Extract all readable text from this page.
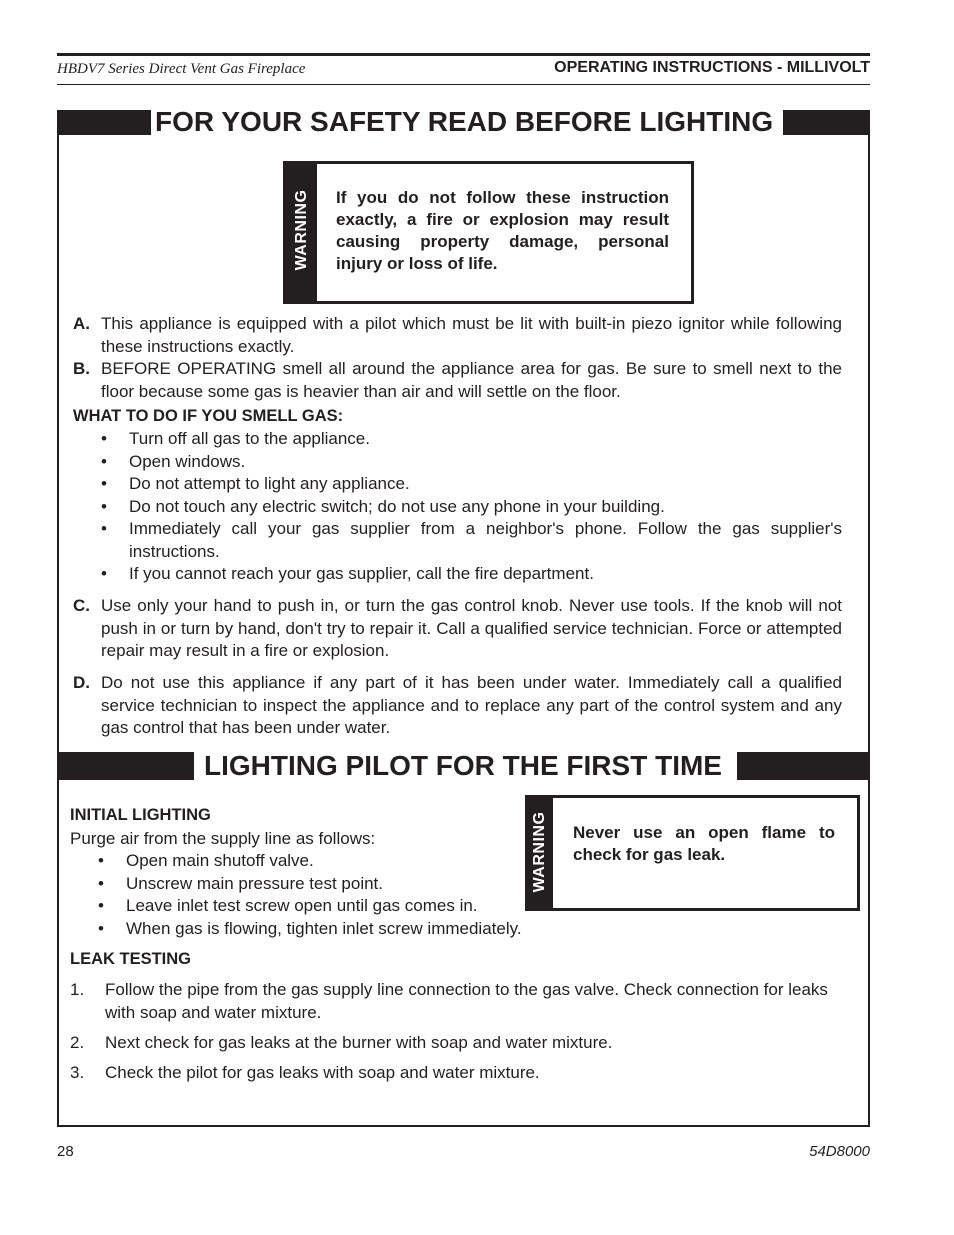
HBDV7 Series Direct Vent Gas Fireplace	OPERATING INSTRUCTIONS - MILLIVOLT
FOR YOUR SAFETY READ BEFORE LIGHTING
WARNING If you do not follow these instruction exactly, a fire or explosion may result causing property damage, personal injury or loss of life.
A. This appliance is equipped with a pilot which must be lit with built-in piezo ignitor while following these instructions exactly.
B. BEFORE OPERATING smell all around the appliance area for gas. Be sure to smell next to the floor because some gas is heavier than air and will settle on the floor.
WHAT TO DO IF YOU SMELL GAS:
• Turn off all gas to the appliance.
• Open windows.
• Do not attempt to light any appliance.
• Do not touch any electric switch; do not use any phone in your building.
• Immediately call your gas supplier from a neighbor's phone. Follow the gas supplier's instructions.
• If you cannot reach your gas supplier, call the fire department.
C. Use only your hand to push in, or turn the gas control knob. Never use tools. If the knob will not push in or turn by hand, don't try to repair it. Call a qualified service technician. Force or attempted repair may result in a fire or explosion.
D. Do not use this appliance if any part of it has been under water. Immediately call a qualified service technician to inspect the appliance and to replace any part of the control system and any gas control that has been under water.
LIGHTING PILOT FOR THE FIRST TIME
INITIAL LIGHTING
Purge air from the supply line as follows:
• Open main shutoff valve.
• Unscrew main pressure test point.
• Leave inlet test screw open until gas comes in.
• When gas is flowing, tighten inlet screw immediately.
WARNING Never use an open flame to check for gas leak.
LEAK TESTING
1. Follow the pipe from the gas supply line connection to the gas valve. Check connection for leaks with soap and water mixture.
2. Next check for gas leaks at the burner with soap and water mixture.
3. Check the pilot for gas leaks with soap and water mixture.
28	54D8000
